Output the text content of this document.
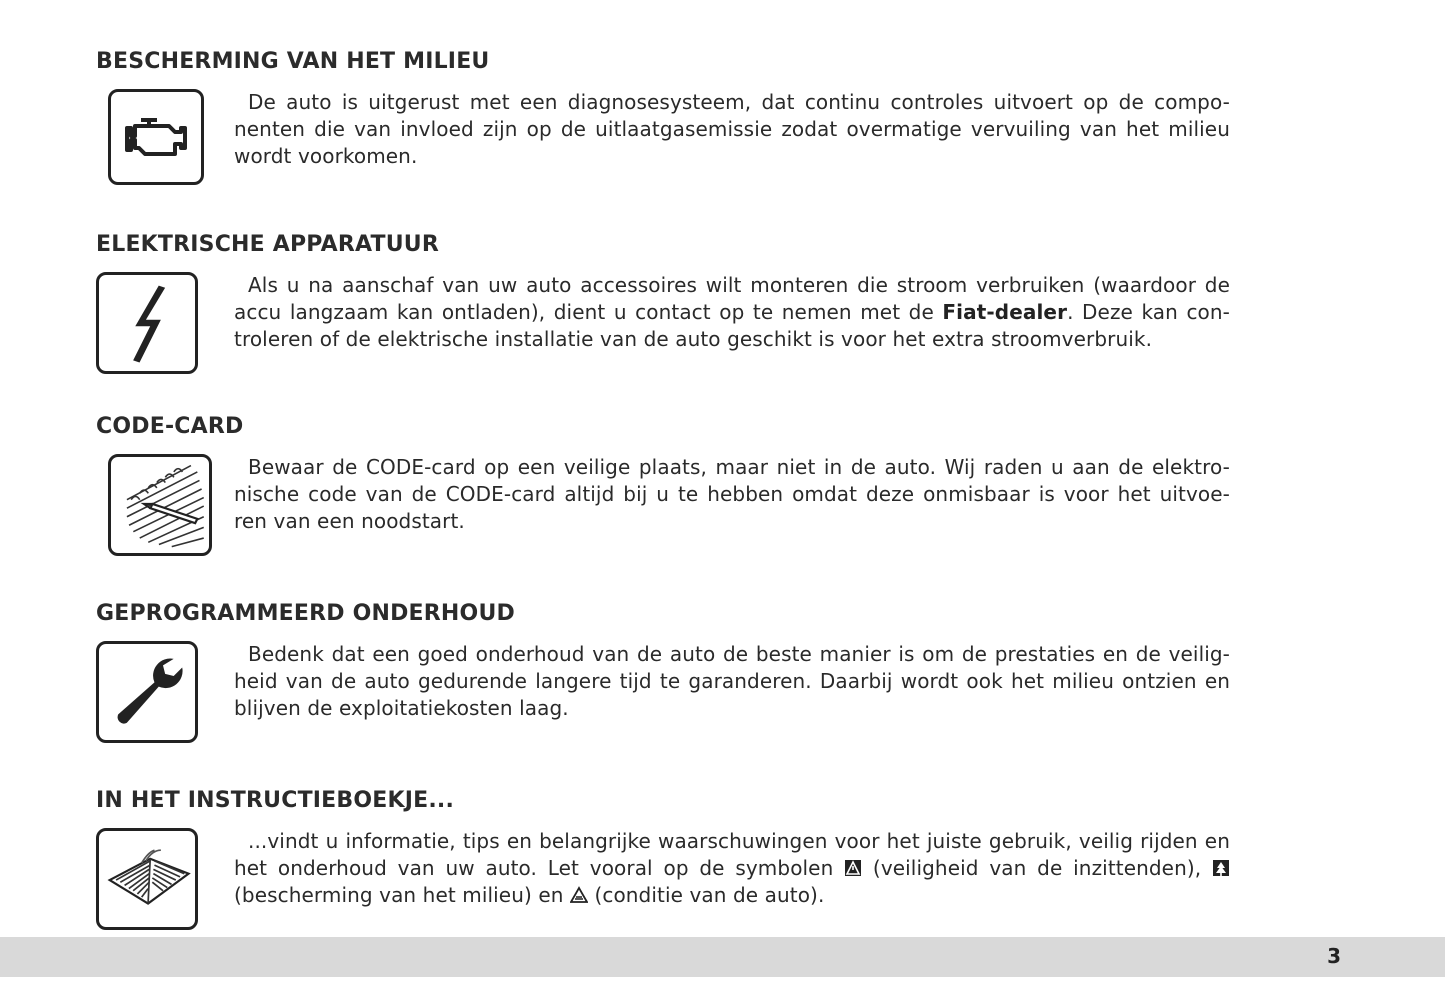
BESCHERMING VAN HET MILIEU

De auto is uitgerust met een diagnosesysteem, dat continu controles uitvoert op de compo- nenten die van invloed zijn op de uitlaatgasemissie zodat overmatige vervuiling van het milieu wordt voorkomen.

ELEKTRISCHE APPARATUUR

Als u na aanschaf van uw auto accessoires wilt monteren die stroom verbruiken (waardoor de accu langzaam kan ontladen), dient u contact op te nemen met de Fiat-dealer. Deze kan con- troleren of de elektrische installatie van de auto geschikt is voor het extra stroomverbruik.

CODE-CARD

Bewaar de CODE-card op een veilige plaats, maar niet in de auto. Wij raden u aan de elektro- nische code van de CODE-card altijd bij u te hebben omdat deze onmisbaar is voor het uitvoe- ren van een noodstart.

GEPROGRAMMEERD ONDERHOUD

Bedenk dat een goed onderhoud van de auto de beste manier is om de prestaties en de veilig- heid van de auto gedurende langere tijd te garanderen. Daarbij wordt ook het milieu ontzien en blijven de exploitatiekosten laag.

IN HET INSTRUCTIEBOEKJE...

...vindt u informatie, tips en belangrijke waarschuwingen voor het juiste gebruik, veilig rijden en het onderhoud van uw auto. Let vooral op de symbolen  (veiligheid van de inzittenden),  (bescherming van het milieu) en  (conditie van de auto).

3
